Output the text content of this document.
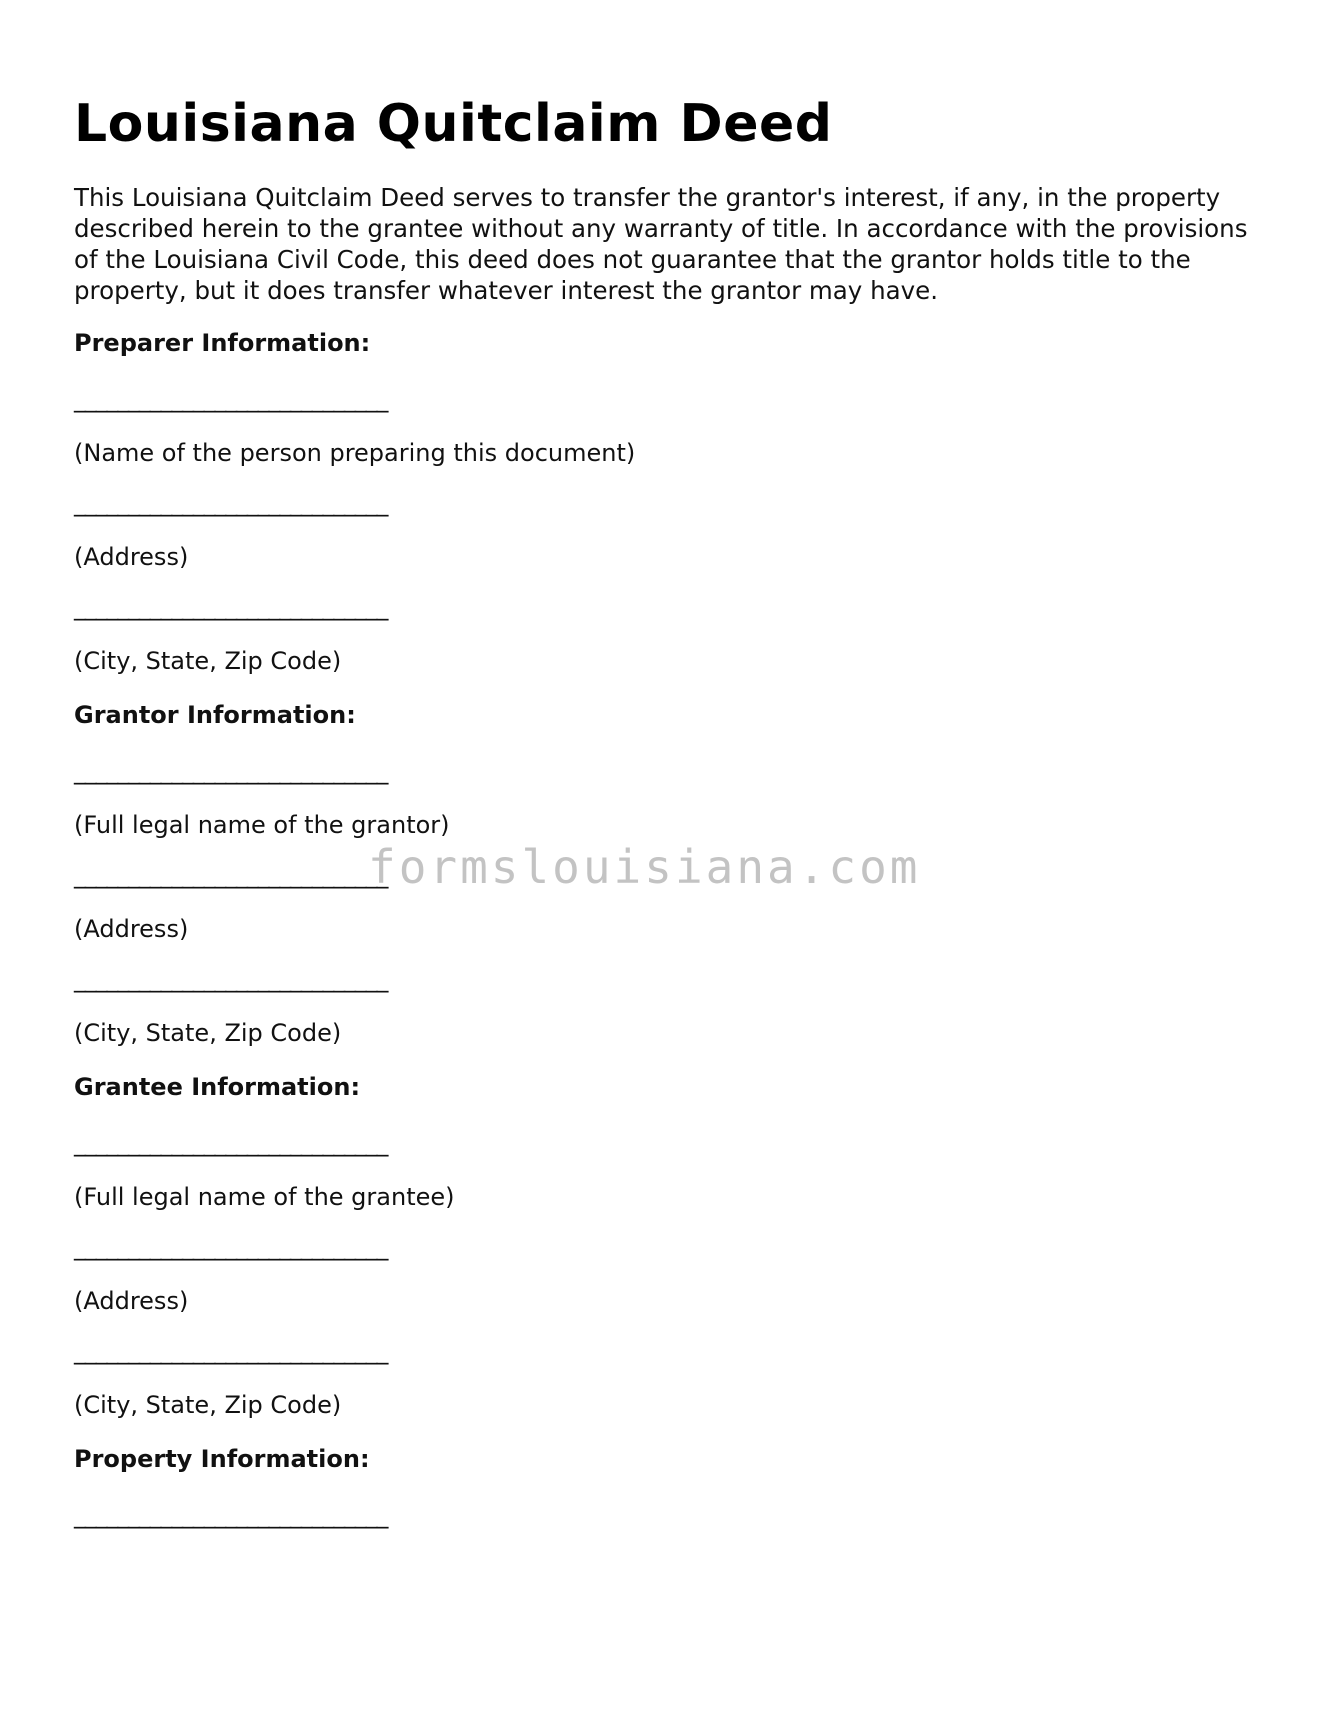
Louisiana Quitclaim Deed

This Louisiana Quitclaim Deed serves to transfer the grantor's interest, if any, in the property described herein to the grantee without any warranty of title. In accordance with the provisions of the Louisiana Civil Code, this deed does not guarantee that the grantor holds title to the property, but it does transfer whatever interest the grantor may have.

Preparer Information:

_____________________________

(Name of the person preparing this document)

_____________________________

(Address)

_____________________________

(City, State, Zip Code)

Grantor Information:

_____________________________

(Full legal name of the grantor)

_____________________________

(Address)

_____________________________

(City, State, Zip Code)

Grantee Information:

_____________________________

(Full legal name of the grantee)

_____________________________

(Address)

_____________________________

(City, State, Zip Code)

Property Information:

_____________________________

formslouisiana.com
